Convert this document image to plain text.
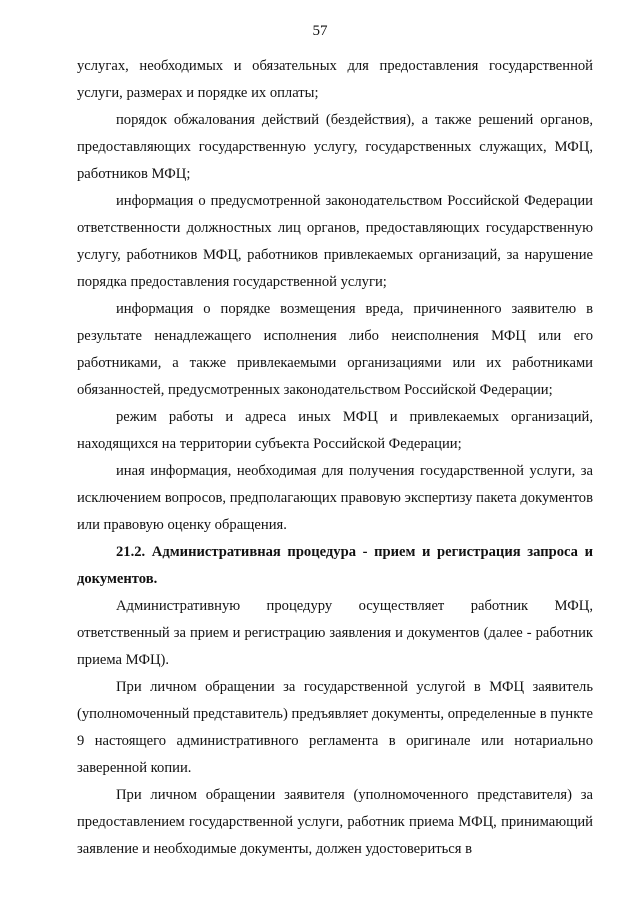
57

услугах, необходимых и обязательных для предоставления государственной услуги, размерах и порядке их оплаты;

порядок обжалования действий (бездействия), а также решений органов, предоставляющих государственную услугу, государственных служащих, МФЦ, работников МФЦ;

информация о предусмотренной законодательством Российской Федерации ответственности должностных лиц органов, предоставляющих государственную услугу, работников МФЦ, работников привлекаемых организаций, за нарушение порядка предоставления государственной услуги;

информация о порядке возмещения вреда, причиненного заявителю в результате ненадлежащего исполнения либо неисполнения МФЦ или его работниками, а также привлекаемыми организациями или их работниками обязанностей, предусмотренных законодательством Российской Федерации;

режим работы и адреса иных МФЦ и привлекаемых организаций, находящихся на территории субъекта Российской Федерации;

иная информация, необходимая для получения государственной услуги, за исключением вопросов, предполагающих правовую экспертизу пакета документов или правовую оценку обращения.

21.2. Административная процедура - прием и регистрация запроса и документов.

Административную процедуру осуществляет работник МФЦ, ответственный за прием и регистрацию заявления и документов (далее - работник приема МФЦ).

При личном обращении за государственной услугой в МФЦ заявитель (уполномоченный представитель) предъявляет документы, определенные в пункте 9 настоящего административного регламента в оригинале или нотариально заверенной копии.

При личном обращении заявителя (уполномоченного представителя) за предоставлением государственной услуги, работник приема МФЦ, принимающий заявление и необходимые документы, должен удостовериться в
